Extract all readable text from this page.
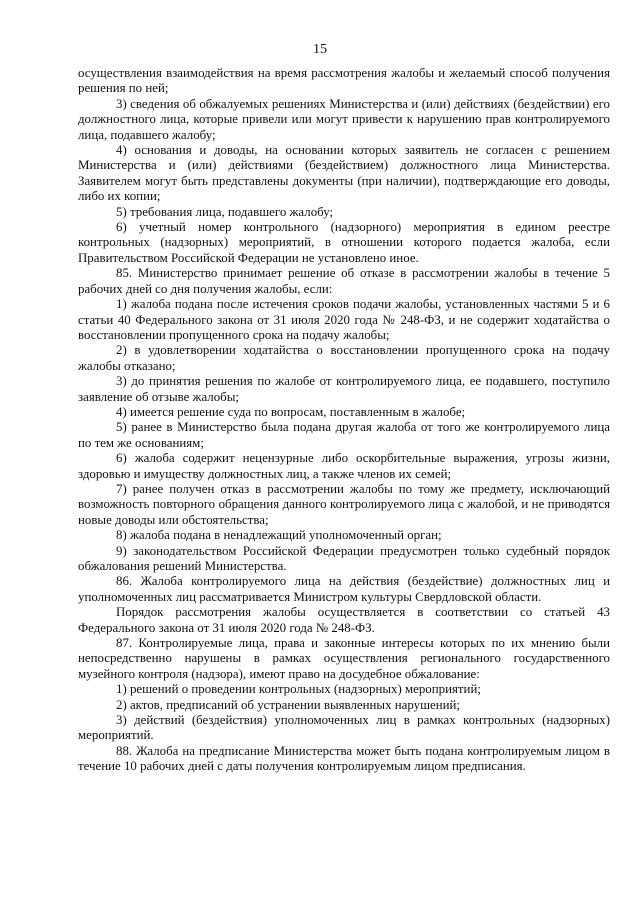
15

осуществления взаимодействия на время рассмотрения жалобы и желаемый способ получения решения по ней;

3) сведения об обжалуемых решениях Министерства и (или) действиях (бездействии) его должностного лица, которые привели или могут привести к нарушению прав контролируемого лица, подавшего жалобу;

4) основания и доводы, на основании которых заявитель не согласен с решением Министерства и (или) действиями (бездействием) должностного лица Министерства. Заявителем могут быть представлены документы (при наличии), подтверждающие его доводы, либо их копии;

5) требования лица, подавшего жалобу;

6) учетный номер контрольного (надзорного) мероприятия в едином реестре контрольных (надзорных) мероприятий, в отношении которого подается жалоба, если Правительством Российской Федерации не установлено иное.

85. Министерство принимает решение об отказе в рассмотрении жалобы в течение 5 рабочих дней со дня получения жалобы, если:

1) жалоба подана после истечения сроков подачи жалобы, установленных частями 5 и 6 статьи 40 Федерального закона от 31 июля 2020 года № 248-ФЗ, и не содержит ходатайства о восстановлении пропущенного срока на подачу жалобы;

2) в удовлетворении ходатайства о восстановлении пропущенного срока на подачу жалобы отказано;

3) до принятия решения по жалобе от контролируемого лица, ее подавшего, поступило заявление об отзыве жалобы;

4) имеется решение суда по вопросам, поставленным в жалобе;

5) ранее в Министерство была подана другая жалоба от того же контролируемого лица по тем же основаниям;

6) жалоба содержит нецензурные либо оскорбительные выражения, угрозы жизни, здоровью и имуществу должностных лиц, а также членов их семей;

7) ранее получен отказ в рассмотрении жалобы по тому же предмету, исключающий возможность повторного обращения данного контролируемого лица с жалобой, и не приводятся новые доводы или обстоятельства;

8) жалоба подана в ненадлежащий уполномоченный орган;

9) законодательством Российской Федерации предусмотрен только судебный порядок обжалования решений Министерства.

86. Жалоба контролируемого лица на действия (бездействие) должностных лиц и уполномоченных лиц рассматривается Министром культуры Свердловской области.

Порядок рассмотрения жалобы осуществляется в соответствии со статьей 43 Федерального закона от 31 июля 2020 года № 248-ФЗ.

87. Контролируемые лица, права и законные интересы которых по их мнению были непосредственно нарушены в рамках осуществления регионального государственного музейного контроля (надзора), имеют право на досудебное обжалование:

1) решений о проведении контрольных (надзорных) мероприятий;

2) актов, предписаний об устранении выявленных нарушений;

3) действий (бездействия) уполномоченных лиц в рамках контрольных (надзорных) мероприятий.

88. Жалоба на предписание Министерства может быть подана контролируемым лицом в течение 10 рабочих дней с даты получения контролируемым лицом предписания.
